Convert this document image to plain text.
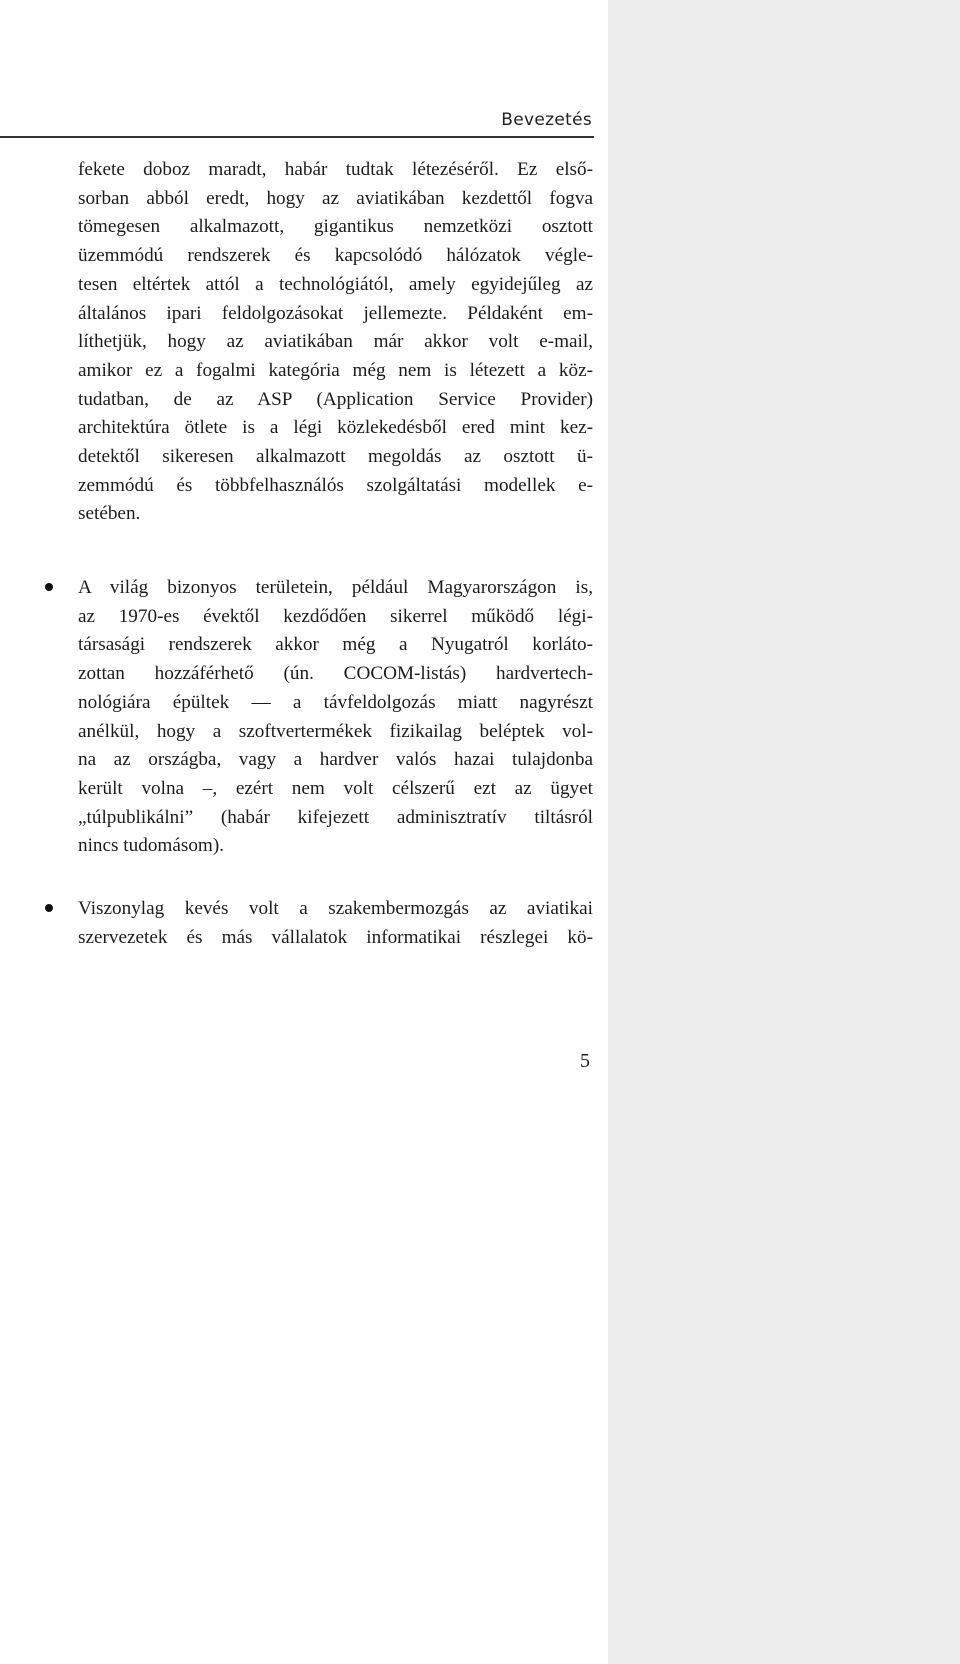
Bevezetés

fekete doboz maradt, habár tudtak létezéséről. Ez első-

sorban abból eredt, hogy az aviatikában kezdettől fogva

tömegesen alkalmazott, gigantikus nemzetközi osztott

üzemmódú rendszerek és kapcsolódó hálózatok végle-

tesen eltértek attól a technológiától, amely egyidejűleg az

általános ipari feldolgozásokat jellemezte. Példaként em-

líthetjük, hogy az aviatikában már akkor volt e-mail,

amikor ez a fogalmi kategória még nem is létezett a köz-

tudatban, de az ASP (Application Service Provider)

architektúra ötlete is a légi közlekedésből ered mint kez-

detektől sikeresen alkalmazott megoldás az osztott ü-

zemmódú és többfelhasználós szolgáltatási modellek e-

setében.

A világ bizonyos területein, például Magyarországon is,

az 1970-es évektől kezdődően sikerrel működő légi-

társasági rendszerek akkor még a Nyugatról korláto-

zottan hozzáférhető (ún. COCOM-listás) hardvertech-

nológiára épültek — a távfeldolgozás miatt nagyrészt

anélkül, hogy a szoftvertermékek fizikailag beléptek vol-

na az országba, vagy a hardver valós hazai tulajdonba

került volna –, ezért nem volt célszerű ezt az ügyet

„túlpublikálni” (habár kifejezett adminisztratív tiltásról

nincs tudomásom).

Viszonylag kevés volt a szakembermozgás az aviatikai

szervezetek és más vállalatok informatikai részlegei kö-

5
